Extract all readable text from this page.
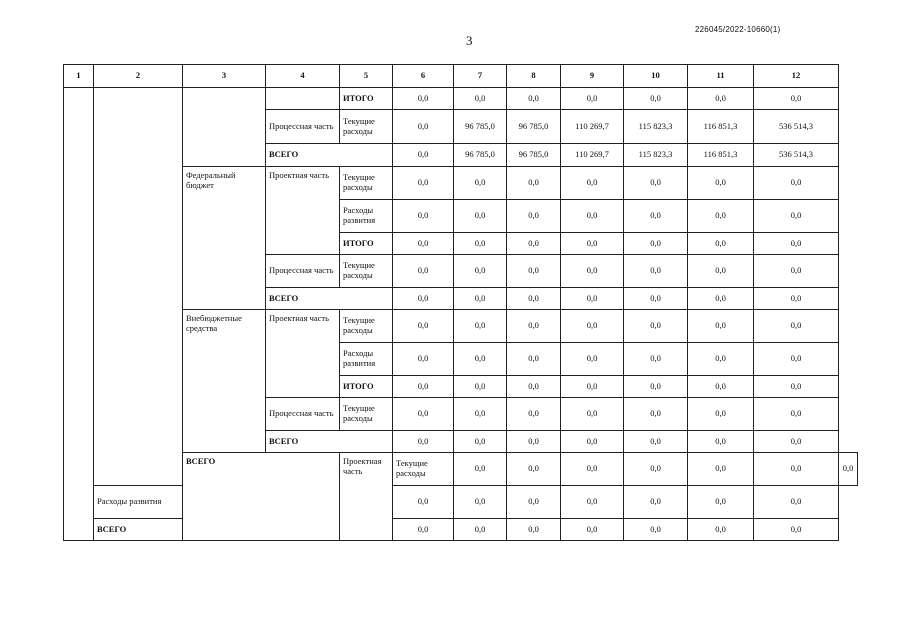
226045/2022-10660(1)
3
1	2	3	4	5	6	7	8	9	10	11	12	
				ИТОГО	0,0	0,0	0,0	0,0	0,0	0,0	0,0	
			Процессная часть	Текущие расходы	0,0	96 785,0	96 785,0	110 269,7	115 823,3	116 851,3	536 514,3	
			ВСЕГО		0,0	96 785,0	96 785,0	110 269,7	115 823,3	116 851,3	536 514,3	
		Федеральный бюджет	Проектная часть	Текущие расходы	0,0	0,0	0,0	0,0	0,0	0,0	0,0	
				Расходы развития	0,0	0,0	0,0	0,0	0,0	0,0	0,0	
				ИТОГО	0,0	0,0	0,0	0,0	0,0	0,0	0,0	
			Процессная часть	Текущие расходы	0,0	0,0	0,0	0,0	0,0	0,0	0,0	
			ВСЕГО		0,0	0,0	0,0	0,0	0,0	0,0	0,0	

		Внебюджетные средства	Проектная часть	Текущие расходы	0,0	0,0	0,0	0,0	0,0	0,0	0,0	
				Расходы развития	0,0	0,0	0,0	0,0	0,0	0,0	0,0	
				ИТОГО	0,0	0,0	0,0	0,0	0,0	0,0	0,0	
			Процессная часть	Текущие расходы	0,0	0,0	0,0	0,0	0,0	0,0	0,0	
			ВСЕГО		0,0	0,0	0,0	0,0	0,0	0,0	0,0	

		ВСЕГО		Проектная часть	Текущие расходы	0,0	0,0	0,0	0,0	0,0	0,0	0,0
	Расходы развития				0,0	0,0	0,0	0,0	0,0	0,0	0,0	
	ВСЕГО				0,0	0,0	0,0	0,0	0,0	0,0	0,0	
